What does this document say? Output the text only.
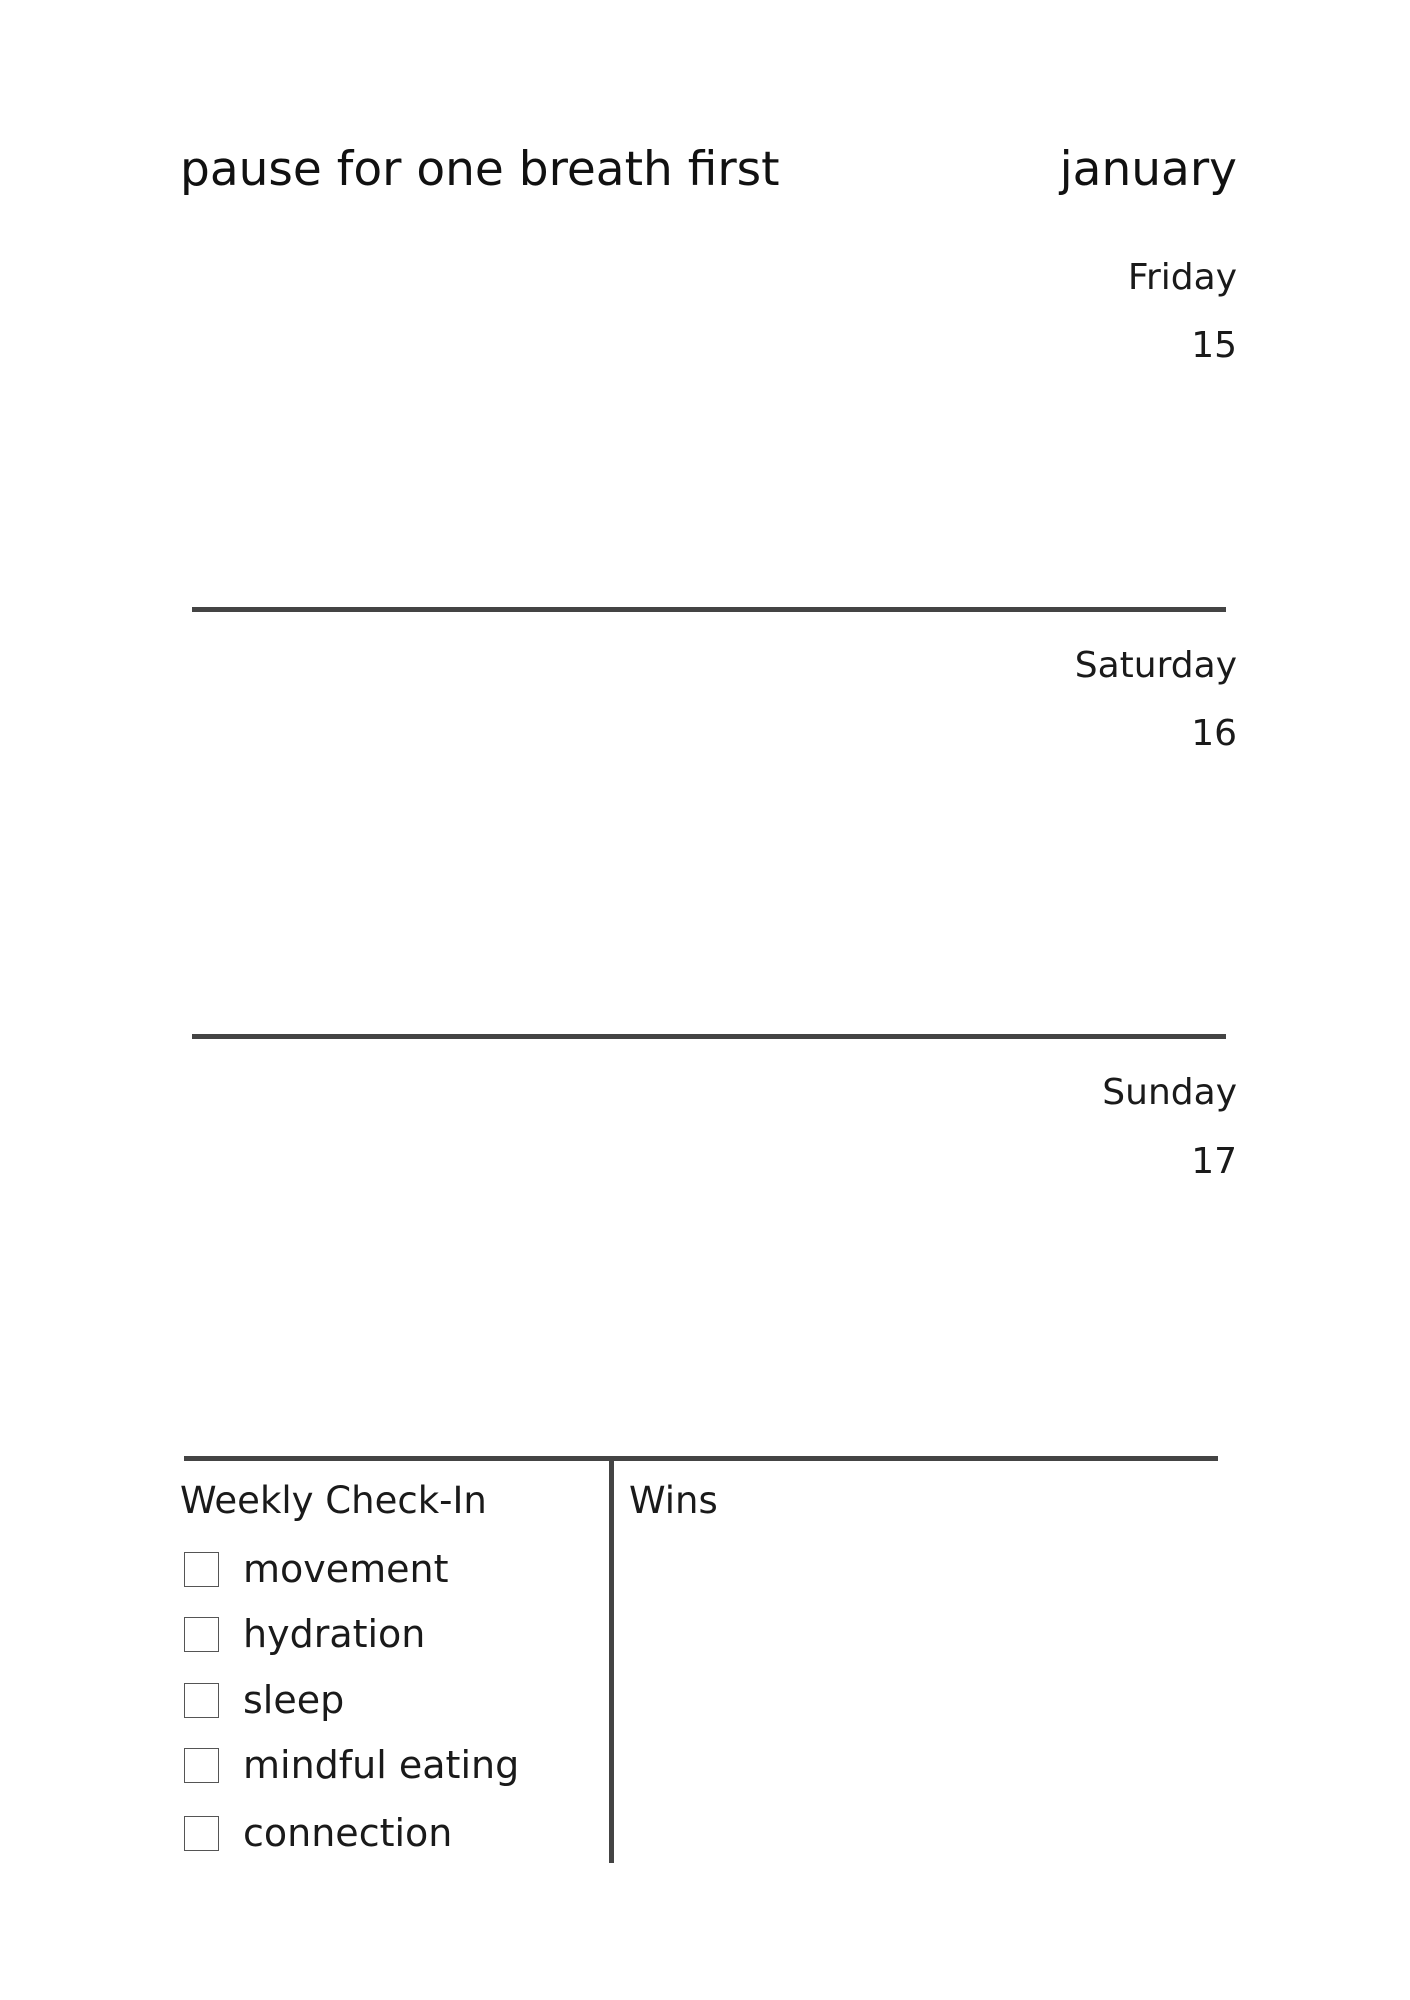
pause for one breath first	january
Friday
15
Saturday
16
Sunday
17
Weekly Check-In	Wins
movement
hydration
sleep
mindful eating
connection
